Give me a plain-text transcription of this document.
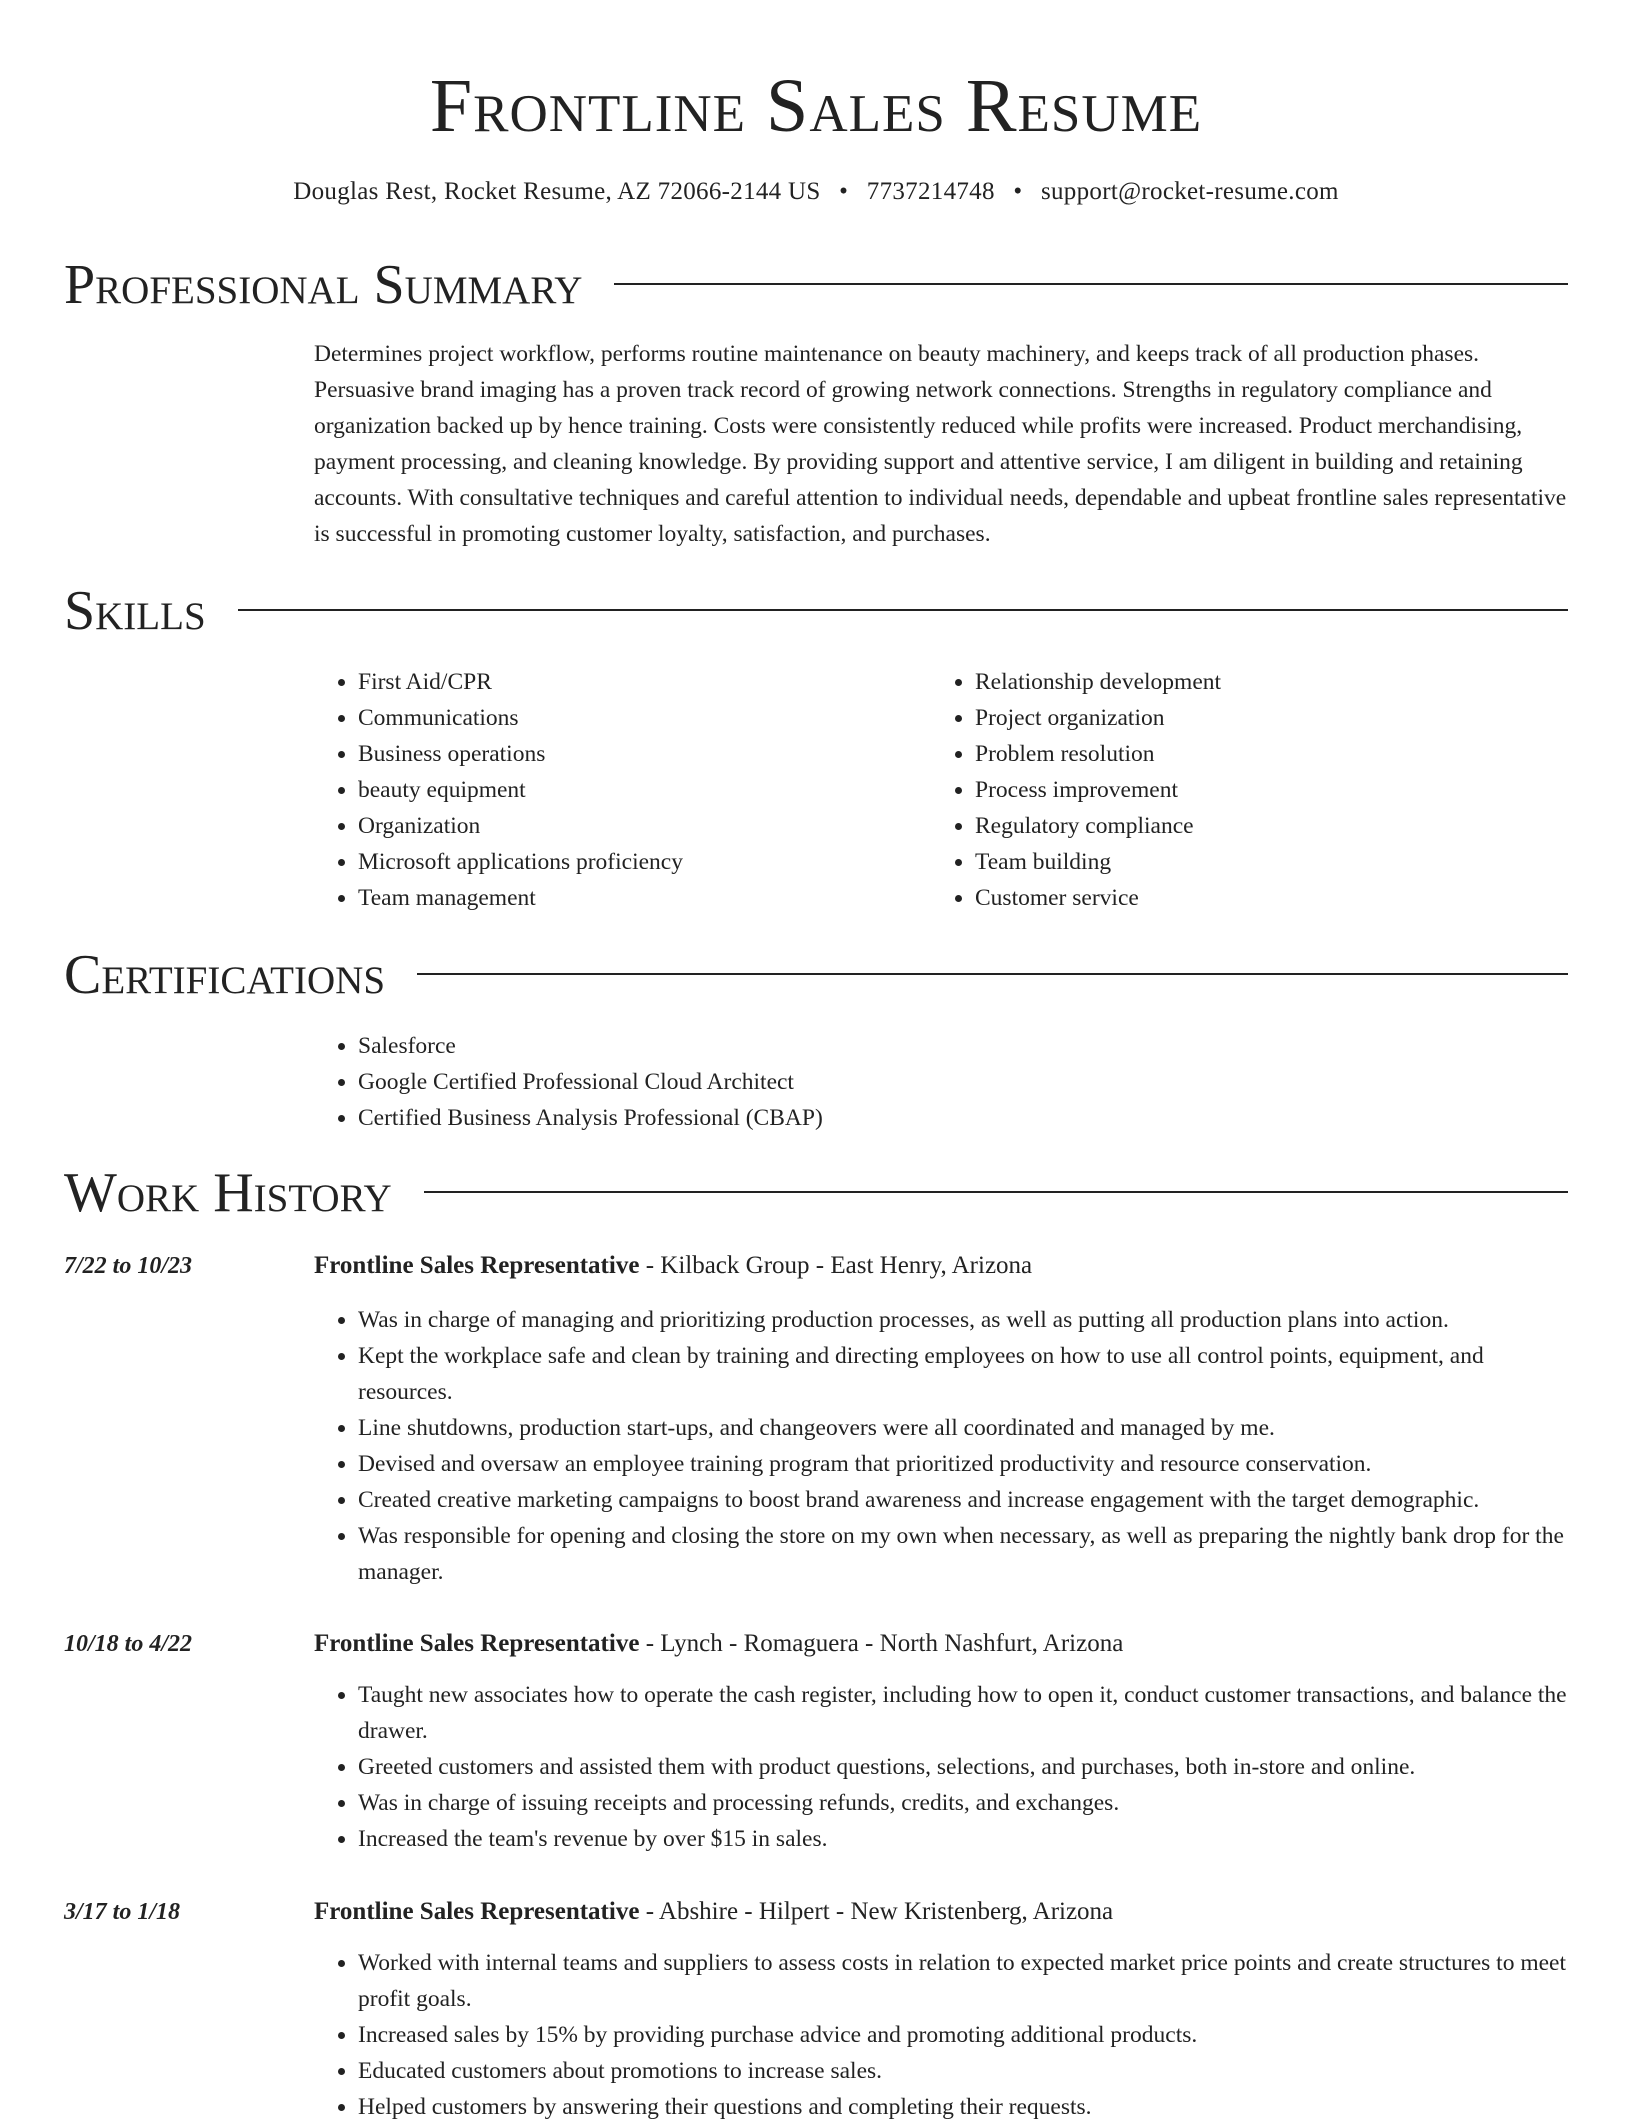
Frontline Sales Resume
Douglas Rest, Rocket Resume, AZ 72066-2144 US • 7737214748 • support@rocket-resume.com
Professional Summary

Determines project workflow, performs routine maintenance on beauty machinery, and keeps track of all production phases. Persuasive brand imaging has a proven track record of growing network connections. Strengths in regulatory compliance and organization backed up by hence training. Costs were consistently reduced while profits were increased. Product merchandising, payment processing, and cleaning knowledge. By providing support and attentive service, I am diligent in building and retaining accounts. With consultative techniques and careful attention to individual needs, dependable and upbeat frontline sales representative is successful in promoting customer loyalty, satisfaction, and purchases.

Skills
• First Aid/CPR
• Communications
• Business operations
• beauty equipment
• Organization
• Microsoft applications proficiency
• Team management
• Relationship development
• Project organization
• Problem resolution
• Process improvement
• Regulatory compliance
• Team building
• Customer service
Certifications
• Salesforce
• Google Certified Professional Cloud Architect
• Certified Business Analysis Professional (CBAP)
Work History
7/22 to 10/23	Frontline Sales Representative - Kilback Group - East Henry, Arizona
• Was in charge of managing and prioritizing production processes, as well as putting all production plans into action.
• Kept the workplace safe and clean by training and directing employees on how to use all control points, equipment, and resources.
• Line shutdowns, production start-ups, and changeovers were all coordinated and managed by me.
• Devised and oversaw an employee training program that prioritized productivity and resource conservation.
• Created creative marketing campaigns to boost brand awareness and increase engagement with the target demographic.
• Was responsible for opening and closing the store on my own when necessary, as well as preparing the nightly bank drop for the manager.
10/18 to 4/22	Frontline Sales Representative - Lynch - Romaguera - North Nashfurt, Arizona
• Taught new associates how to operate the cash register, including how to open it, conduct customer transactions, and balance the drawer.
• Greeted customers and assisted them with product questions, selections, and purchases, both in-store and online.
• Was in charge of issuing receipts and processing refunds, credits, and exchanges.
• Increased the team's revenue by over $15 in sales.
3/17 to 1/18	Frontline Sales Representative - Abshire - Hilpert - New Kristenberg, Arizona
• Worked with internal teams and suppliers to assess costs in relation to expected market price points and create structures to meet profit goals.
• Increased sales by 15% by providing purchase advice and promoting additional products.
• Educated customers about promotions to increase sales.
• Helped customers by answering their questions and completing their requests.
